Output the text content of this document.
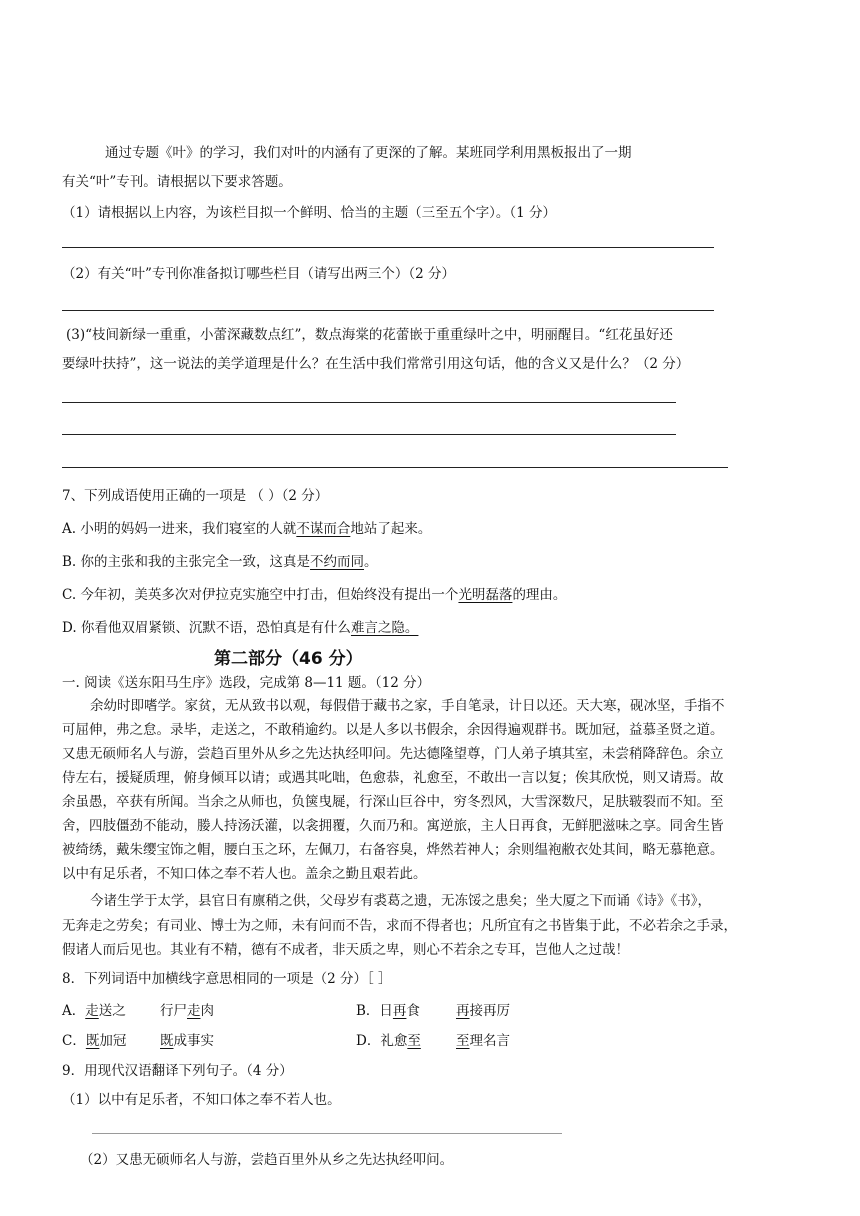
通过专题《叶》的学习，我们对叶的内涵有了更深的了解。某班同学利用黑板报出了一期
有关“叶”专刊。请根据以下要求答题。
（1）请根据以上内容，为该栏目拟一个鲜明、恰当的主题（三至五个字）。（1 分）
（2）有关“叶”专刊你准备拟订哪些栏目（请写出两三个）（2 分）
(3)“枝间新绿一重重，小蕾深藏数点红”，数点海棠的花蕾嵌于重重绿叶之中，明丽醒目。“红花虽好还
要绿叶扶持”，这一说法的美学道理是什么？在生活中我们常常引用这句话，他的含义又是什么？（2 分）
7、下列成语使用正确的一项是 （ ）（2 分）
A. 小明的妈妈一进来，我们寝室的人就不谋而合地站了起来。
B. 你的主张和我的主张完全一致，这真是不约而同。
C. 今年初，美英多次对伊拉克实施空中打击，但始终没有提出一个光明磊落的理由。
D. 你看他双眉紧锁、沉默不语，恐怕真是有什么难言之隐。
第二部分（46 分）
一. 阅读《送东阳马生序》选段，完成第 8—11 题。（12 分）
余幼时即嗜学。家贫，无从致书以观，每假借于藏书之家，手自笔录，计日以还。天大寒，砚冰坚，手指不
可屈伸，弗之怠。录毕，走送之，不敢稍逾约。以是人多以书假余，余因得遍观群书。既加冠，益慕圣贤之道。
又患无硕师名人与游，尝趋百里外从乡之先达执经叩问。先达德隆望尊，门人弟子填其室，未尝稍降辞色。余立
侍左右，援疑质理，俯身倾耳以请；或遇其叱咄，色愈恭，礼愈至，不敢出一言以复；俟其欣悦，则又请焉。故
余虽愚，卒获有所闻。当余之从师也，负箧曳屣，行深山巨谷中，穷冬烈风，大雪深数尺，足肤皲裂而不知。至
舍，四肢僵劲不能动，媵人持汤沃灌，以衾拥覆，久而乃和。寓逆旅，主人日再食，无鲜肥滋味之享。同舍生皆
被绮绣，戴朱缨宝饰之帽，腰白玉之环，左佩刀，右备容臭，烨然若神人；余则缊袍敝衣处其间，略无慕艳意。
以中有足乐者，不知口体之奉不若人也。盖余之勤且艰若此。
今诸生学于太学，县官日有廪稍之供，父母岁有裘葛之遗，无冻馁之患矣；坐大厦之下而诵《诗》《书》，
无奔走之劳矣；有司业、博士为之师，未有问而不告，求而不得者也；凡所宜有之书皆集于此，不必若余之手录，
假诸人而后见也。其业有不精，德有不成者，非天质之卑，则心不若余之专耳，岂他人之过哉！
8．下列词语中加横线字意思相同的一项是（2 分）［ ］
A．走送之	行尸走肉	B．日再食	再接再厉
C．既加冠 既成事实	D．礼愈至	至理名言
9．用现代汉语翻译下列句子。（4 分）
（1）以中有足乐者，不知口体之奉不若人也。
（2）又患无硕师名人与游，尝趋百里外从乡之先达执经叩问。
